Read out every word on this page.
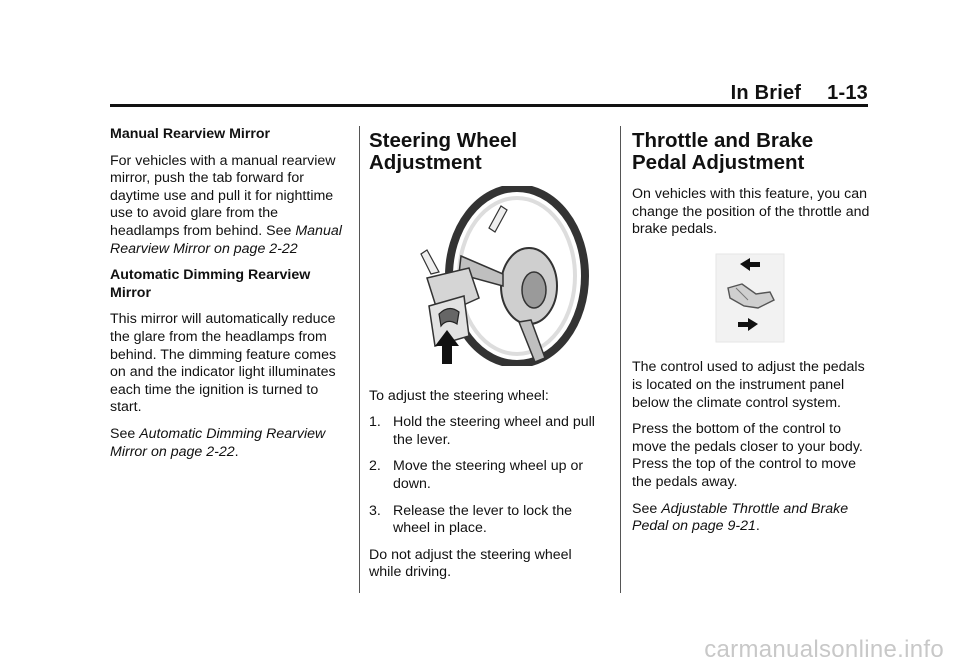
In Brief 1-13

Manual Rearview Mirror

For vehicles with a manual rearview mirror, push the tab forward for daytime use and pull it for nighttime use to avoid glare from the headlamps from behind. See Manual Rearview Mirror on page 2-22

Automatic Dimming Rearview Mirror

This mirror will automatically reduce the glare from the headlamps from behind. The dimming feature comes on and the indicator light illuminates each time the ignition is turned to start.

See Automatic Dimming Rearview Mirror on page 2-22.

Steering Wheel Adjustment

To adjust the steering wheel:

1. Hold the steering wheel and pull the lever.
2. Move the steering wheel up or down.
3. Release the lever to lock the wheel in place.

Do not adjust the steering wheel while driving.

Throttle and Brake Pedal Adjustment

On vehicles with this feature, you can change the position of the throttle and brake pedals.

The control used to adjust the pedals is located on the instrument panel below the climate control system.

Press the bottom of the control to move the pedals closer to your body. Press the top of the control to move the pedals away.

See Adjustable Throttle and Brake Pedal on page 9-21.

carmanualsonline.info
